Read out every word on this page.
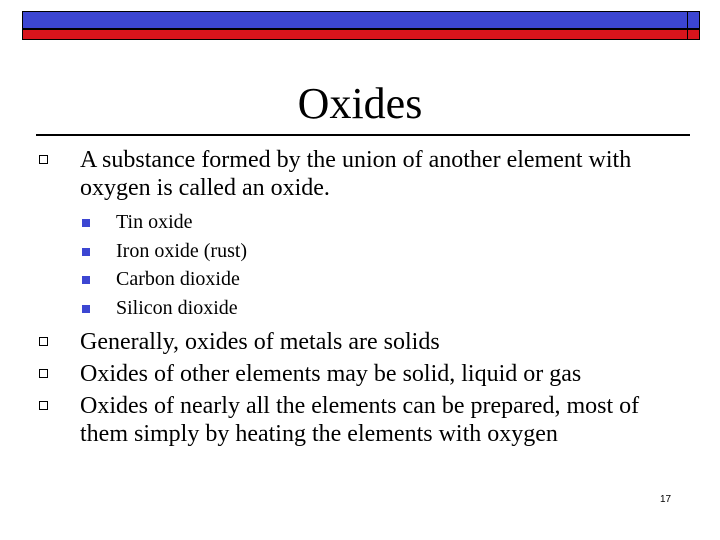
Oxides

A substance formed by the union of another element with oxygen is called an oxide.

Tin oxide
Iron oxide (rust)
Carbon dioxide
Silicon dioxide

Generally, oxides of metals are solids

Oxides of other elements may be solid, liquid or gas

Oxides of nearly all the elements can be prepared, most of them simply by heating the elements with oxygen

17
